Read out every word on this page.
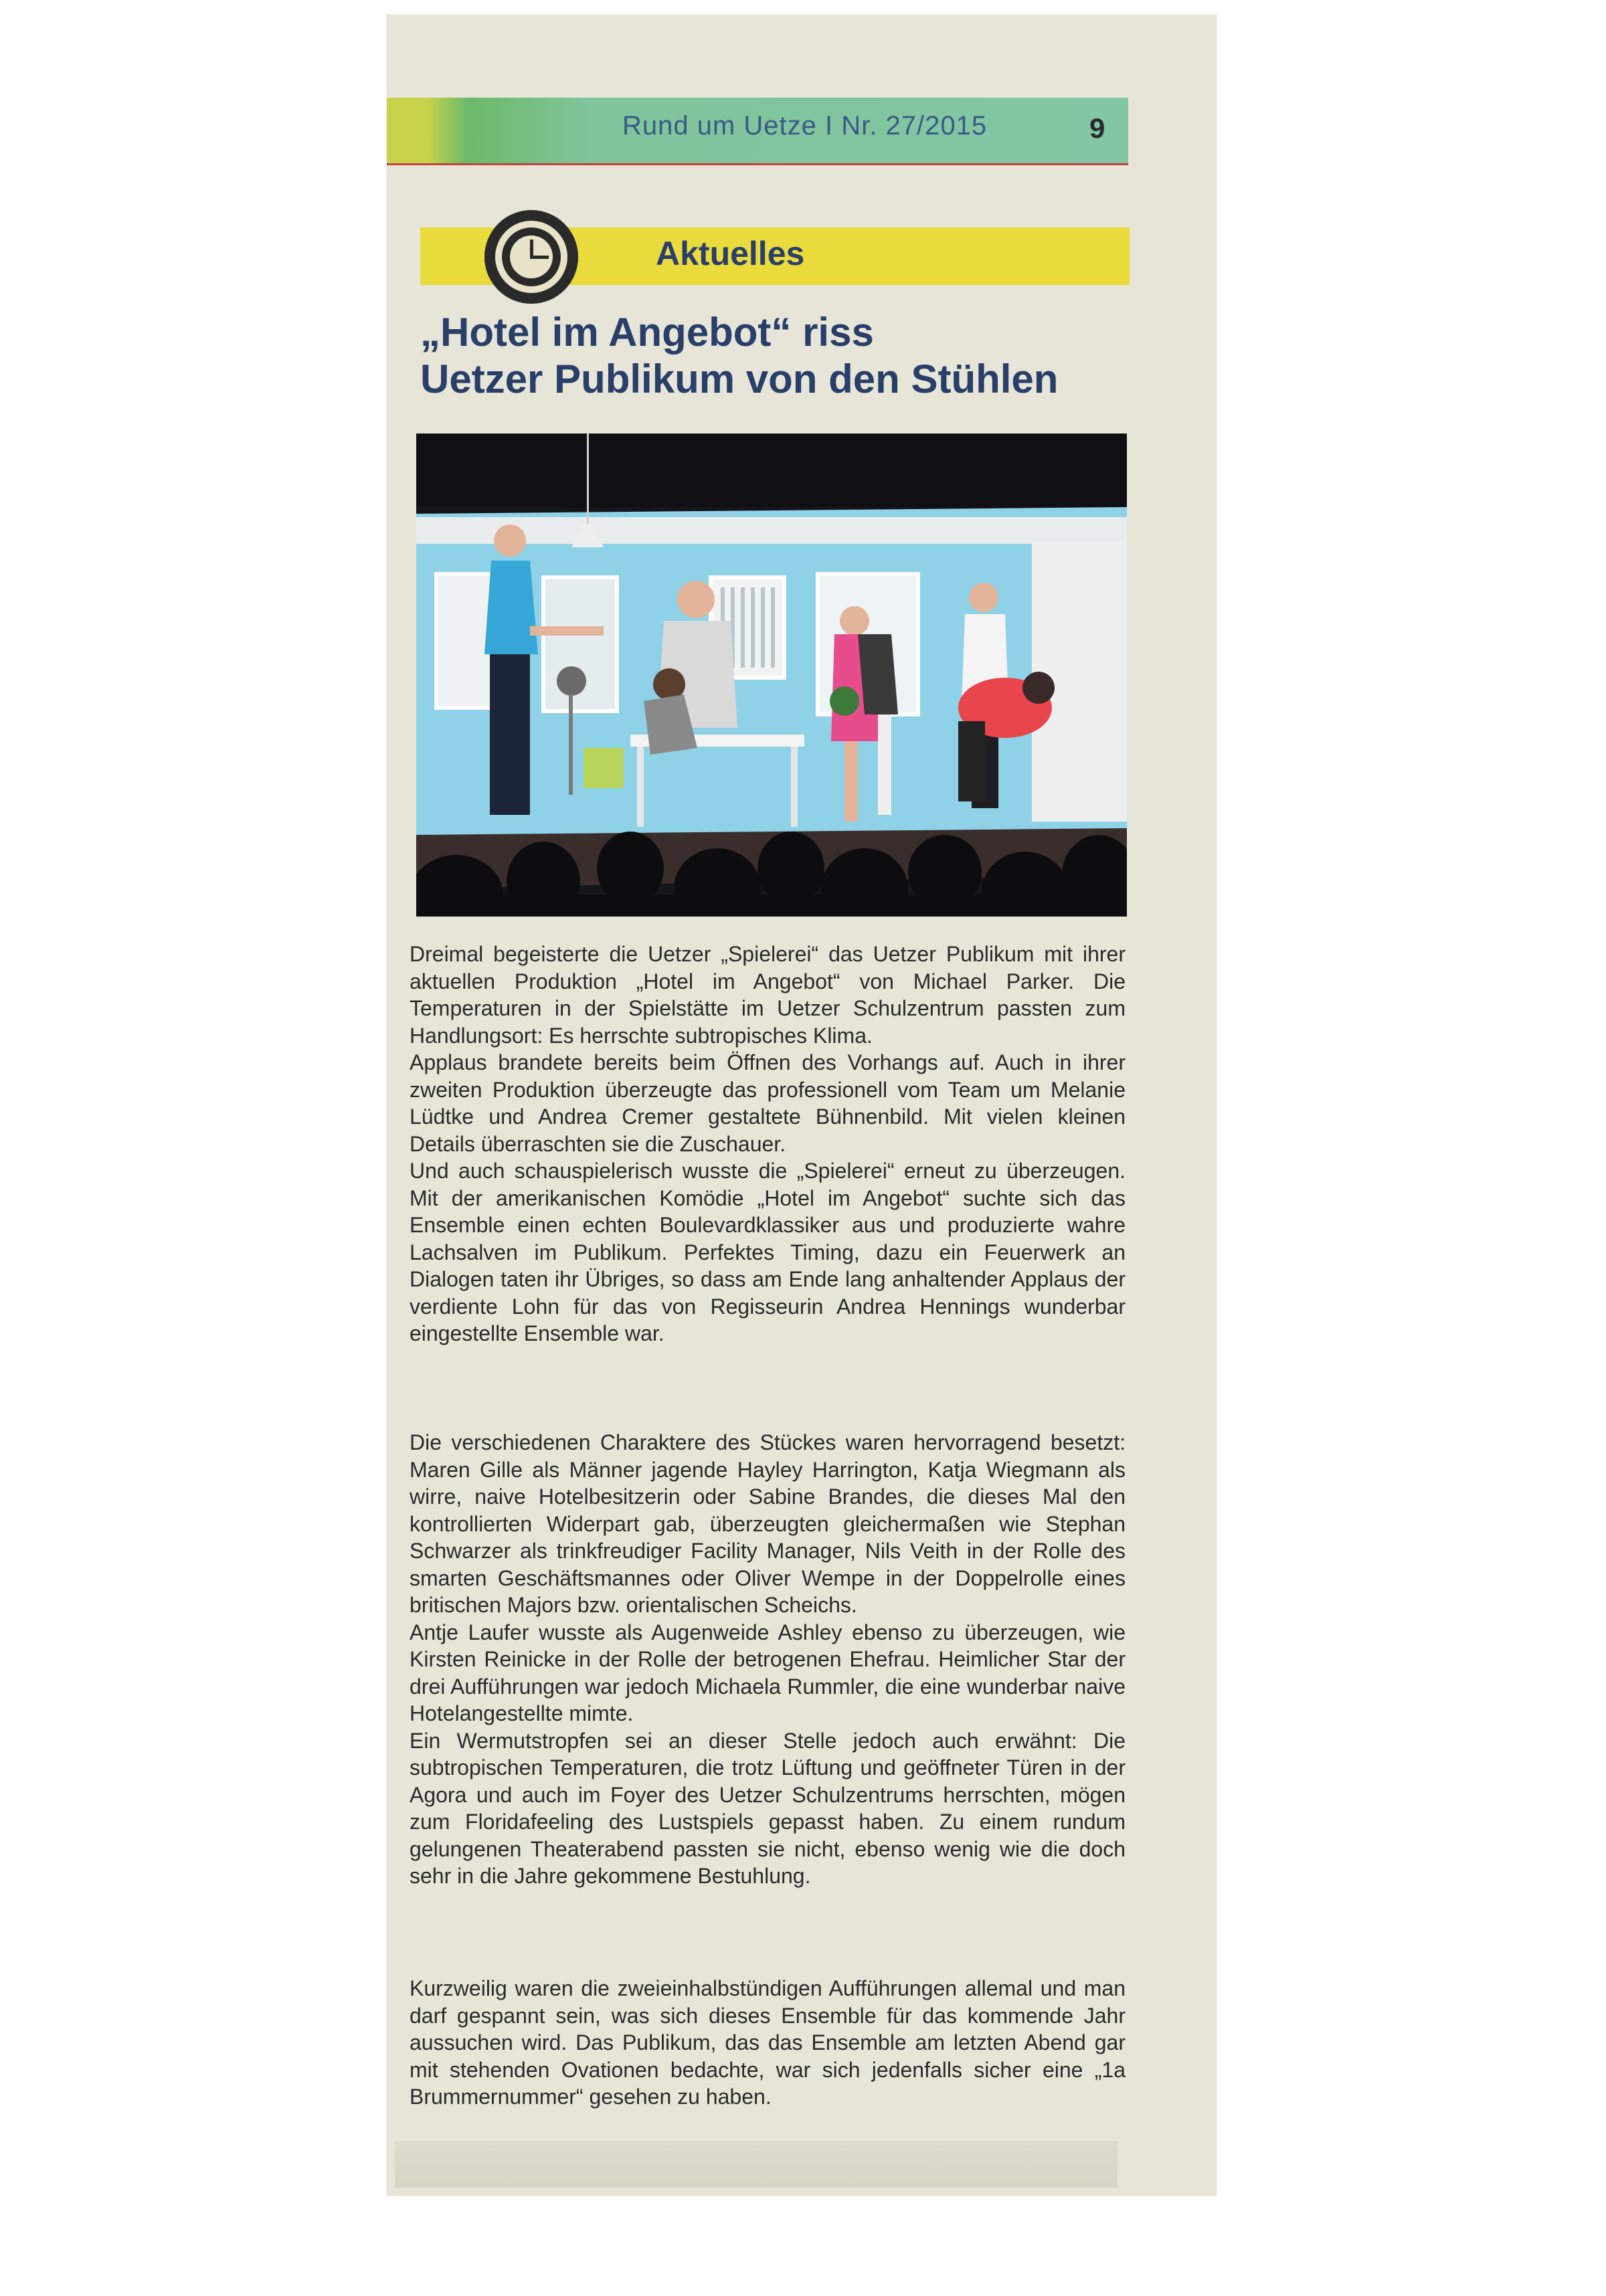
Rund um Uetze I Nr. 27/2015	9
Aktuelles
„Hotel im Angebot“ riss
Uetzer Publikum von den Stühlen

Dreimal begeisterte die Uetzer „Spielerei“ das Uetzer Publikum mit ihrer aktuellen Produktion „Hotel im Angebot“ von Michael Parker. Die Temperaturen in der Spielstätte im Uetzer Schulzentrum passten zum Handlungsort: Es herrschte subtropisches Klima.

Applaus brandete bereits beim Öffnen des Vorhangs auf. Auch in ihrer zweiten Produktion überzeugte das professionell vom Team um Melanie Lüdtke und Andrea Cremer gestaltete Bühnenbild. Mit vielen kleinen Details überraschten sie die Zuschauer.

Und auch schauspielerisch wusste die „Spielerei“ erneut zu überzeugen. Mit der amerikanischen Komödie „Hotel im Angebot“ suchte sich das Ensemble einen echten Boulevardklassiker aus und produzierte wahre Lachsalven im Publikum. Perfektes Timing, dazu ein Feuerwerk an Dialogen taten ihr Übriges, so dass am Ende lang anhaltender Applaus der verdiente Lohn für das von Regisseurin Andrea Hennings wunderbar eingestellte Ensemble war.

Die verschiedenen Charaktere des Stückes waren hervorragend besetzt: Maren Gille als Männer jagende Hayley Harrington, Katja Wiegmann als wirre, naive Hotelbesitzerin oder Sabine Brandes, die dieses Mal den kontrollierten Widerpart gab, überzeugten gleichermaßen wie Stephan Schwarzer als trinkfreudiger Facility Manager, Nils Veith in der Rolle des smarten Geschäftsmannes oder Oliver Wempe in der Doppelrolle eines britischen Majors bzw. orientalischen Scheichs.

Antje Laufer wusste als Augenweide Ashley ebenso zu überzeugen, wie Kirsten Reinicke in der Rolle der betrogenen Ehefrau. Heimlicher Star der drei Aufführungen war jedoch Michaela Rummler, die eine wunderbar naive Hotelangestellte mimte.

Ein Wermutstropfen sei an dieser Stelle jedoch auch erwähnt: Die subtropischen Temperaturen, die trotz Lüftung und geöffneter Türen in der Agora und auch im Foyer des Uetzer Schulzentrums herrschten, mögen zum Floridafeeling des Lustspiels gepasst haben. Zu einem rundum gelungenen Theaterabend passten sie nicht, ebenso wenig wie die doch sehr in die Jahre gekommene Bestuhlung.

Kurzweilig waren die zweieinhalbstündigen Aufführungen allemal und man darf gespannt sein, was sich dieses Ensemble für das kommende Jahr aussuchen wird. Das Publikum, das das Ensemble am letzten Abend gar mit stehenden Ovationen bedachte, war sich jedenfalls sicher eine „1a Brummernummer“ gesehen zu haben.
